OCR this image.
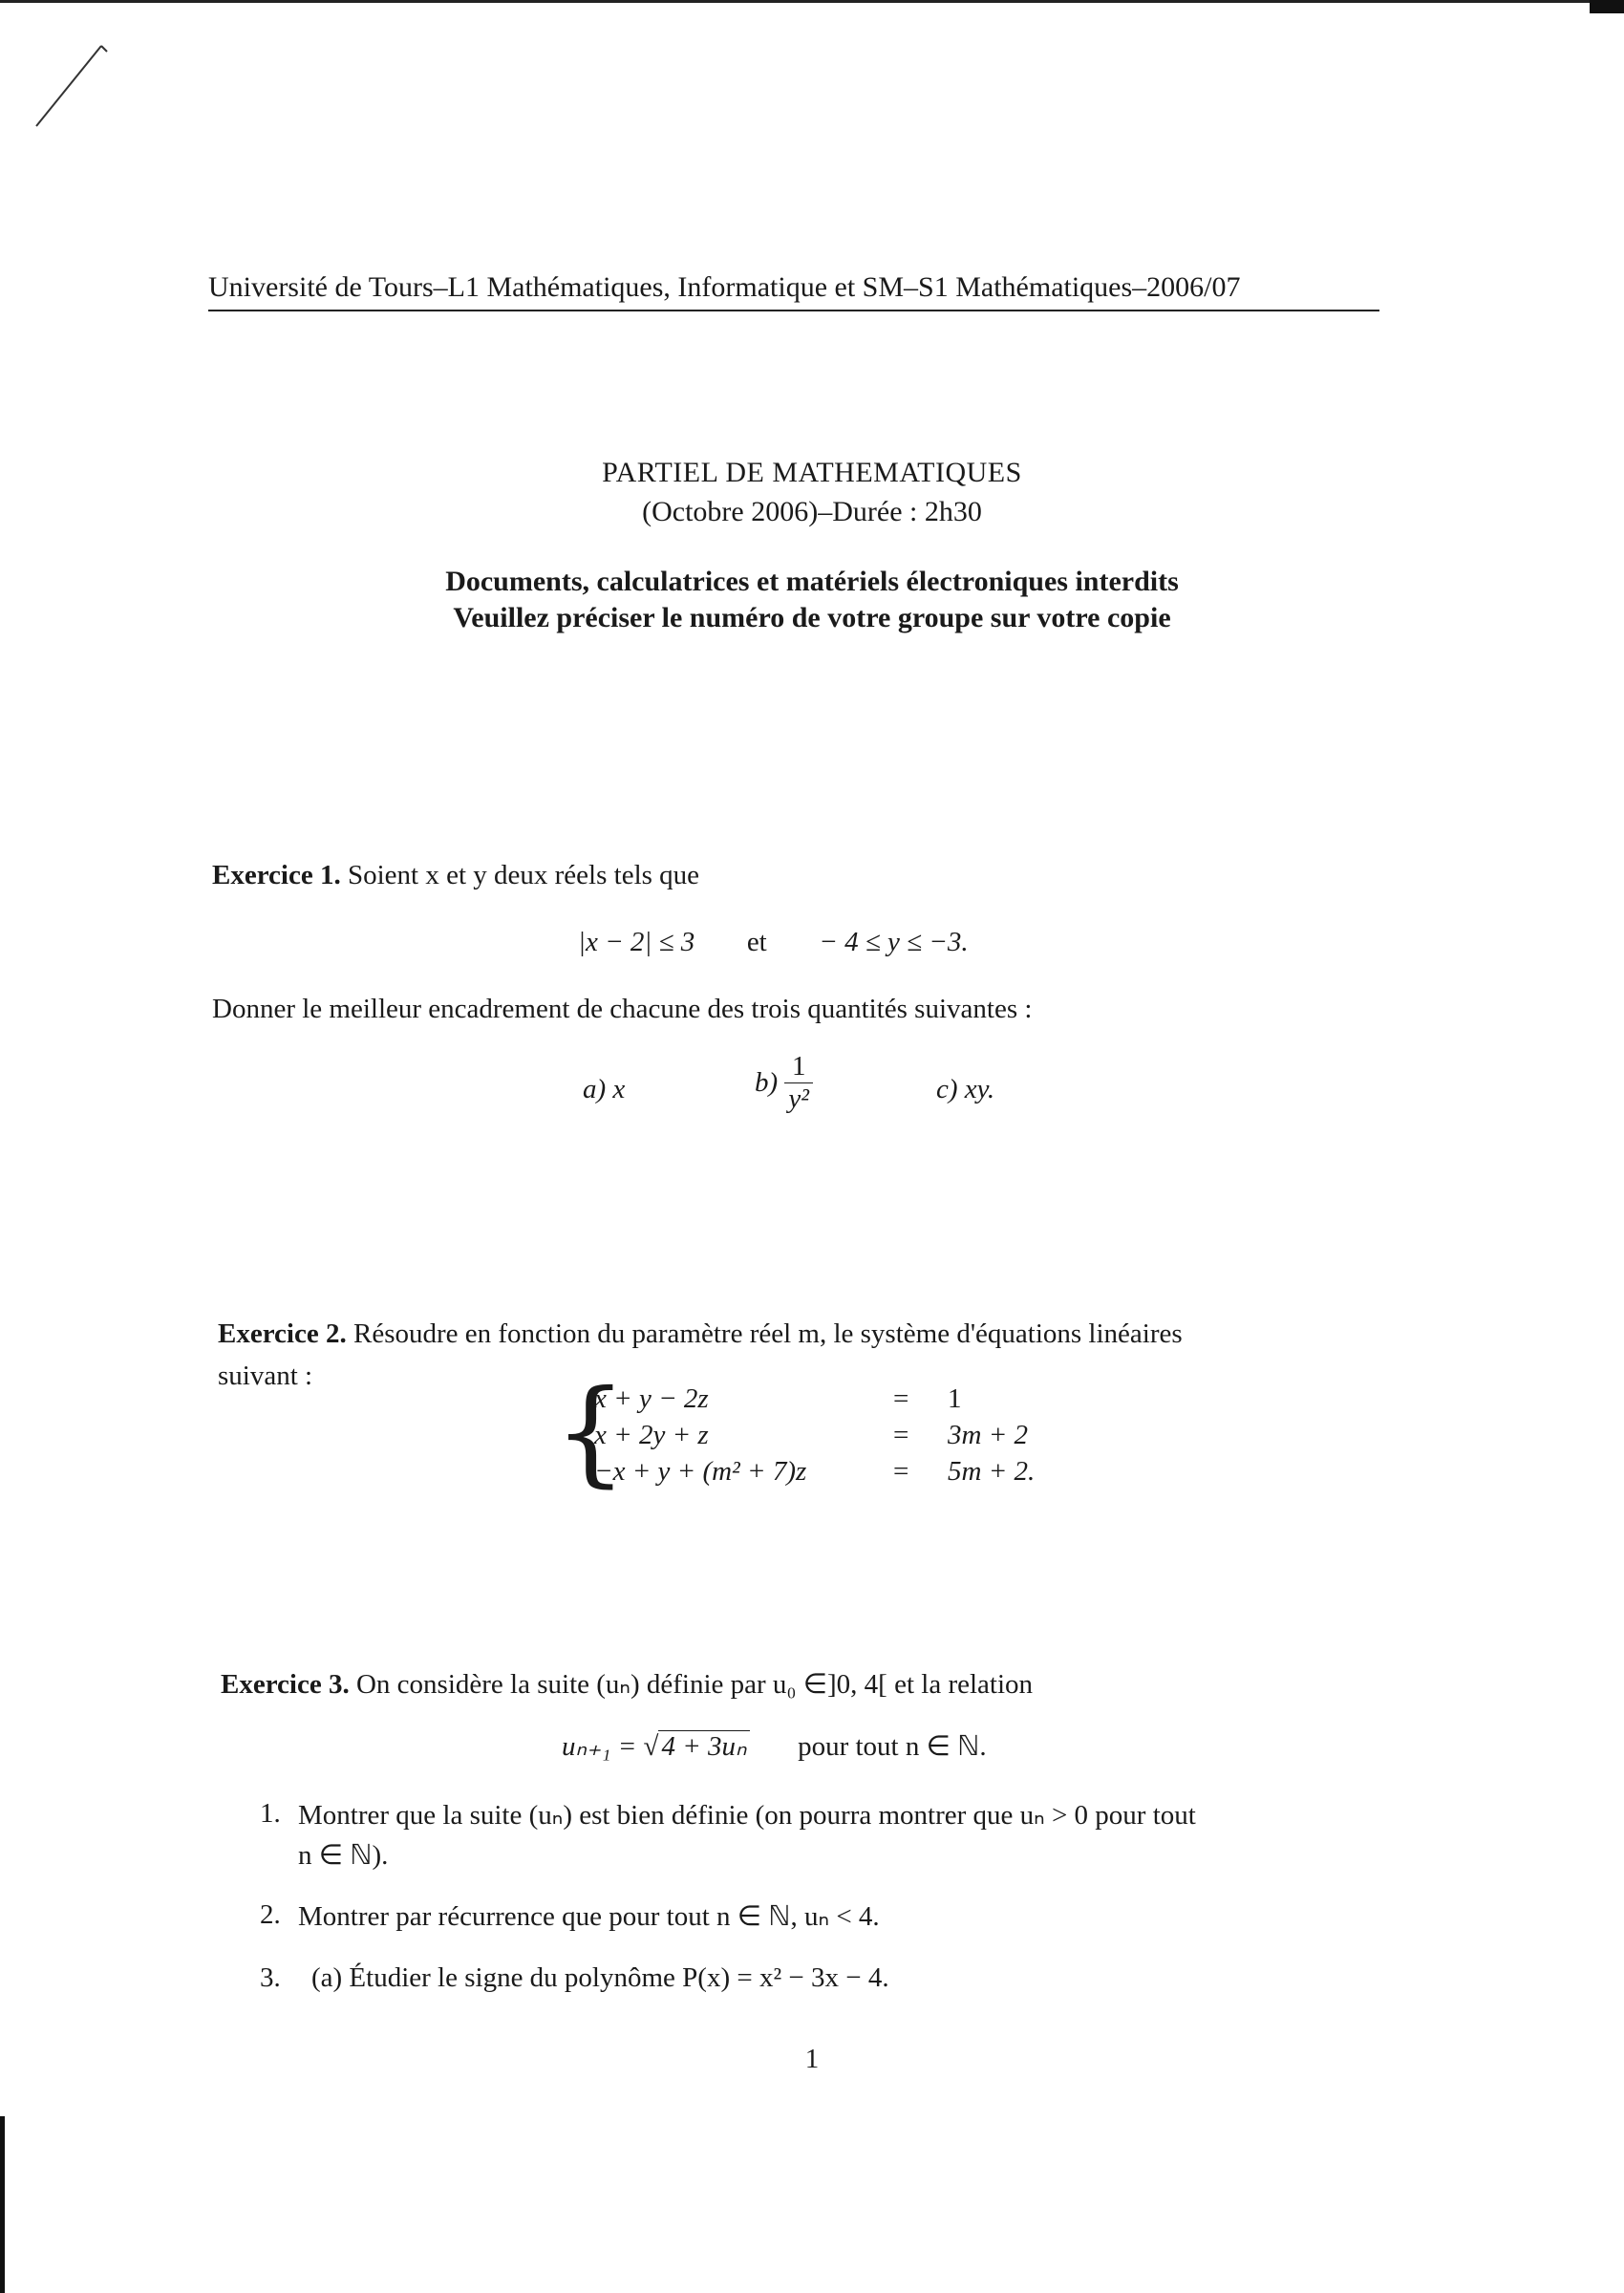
Université de Tours–L1 Mathématiques, Informatique et SM–S1 Mathématiques–2006/07
PARTIEL DE MATHEMATIQUES
(Octobre 2006)–Durée : 2h30
Documents, calculatrices et matériels électroniques interdits
Veuillez préciser le numéro de votre groupe sur votre copie
Exercice 1. Soient x et y deux réels tels que
|x − 2| ≤ 3 et − 4 ≤ y ≤ −3.
Donner le meilleur encadrement de chacune des trois quantités suivantes :
a) x	$b) \frac{1}{\text{y²}}$	c) xy.
Exercice 2. Résoudre en fonction du paramètre réel m, le système d'équations linéaires
suivant : {
x + y − 2z	= 1
x + 2y + z	= 3m + 2
−x + y + (m² + 7)z	= 5m + 2.
Exercice 3. On considère la suite (uₙ) définie par u₀ ∈]0, 4[ et la relation
uₙ₊₁ = √ 4 + 3uₙ pour tout n ∈ ℕ.
1. Montrer que la suite (uₙ) est bien définie (on pourra montrer que uₙ > 0 pour tout
n ∈ ℕ).
2. Montrer par récurrence que pour tout n ∈ ℕ, uₙ < 4.
3. (a) Étudier le signe du polynôme P(x) = x² − 3x − 4.
1
